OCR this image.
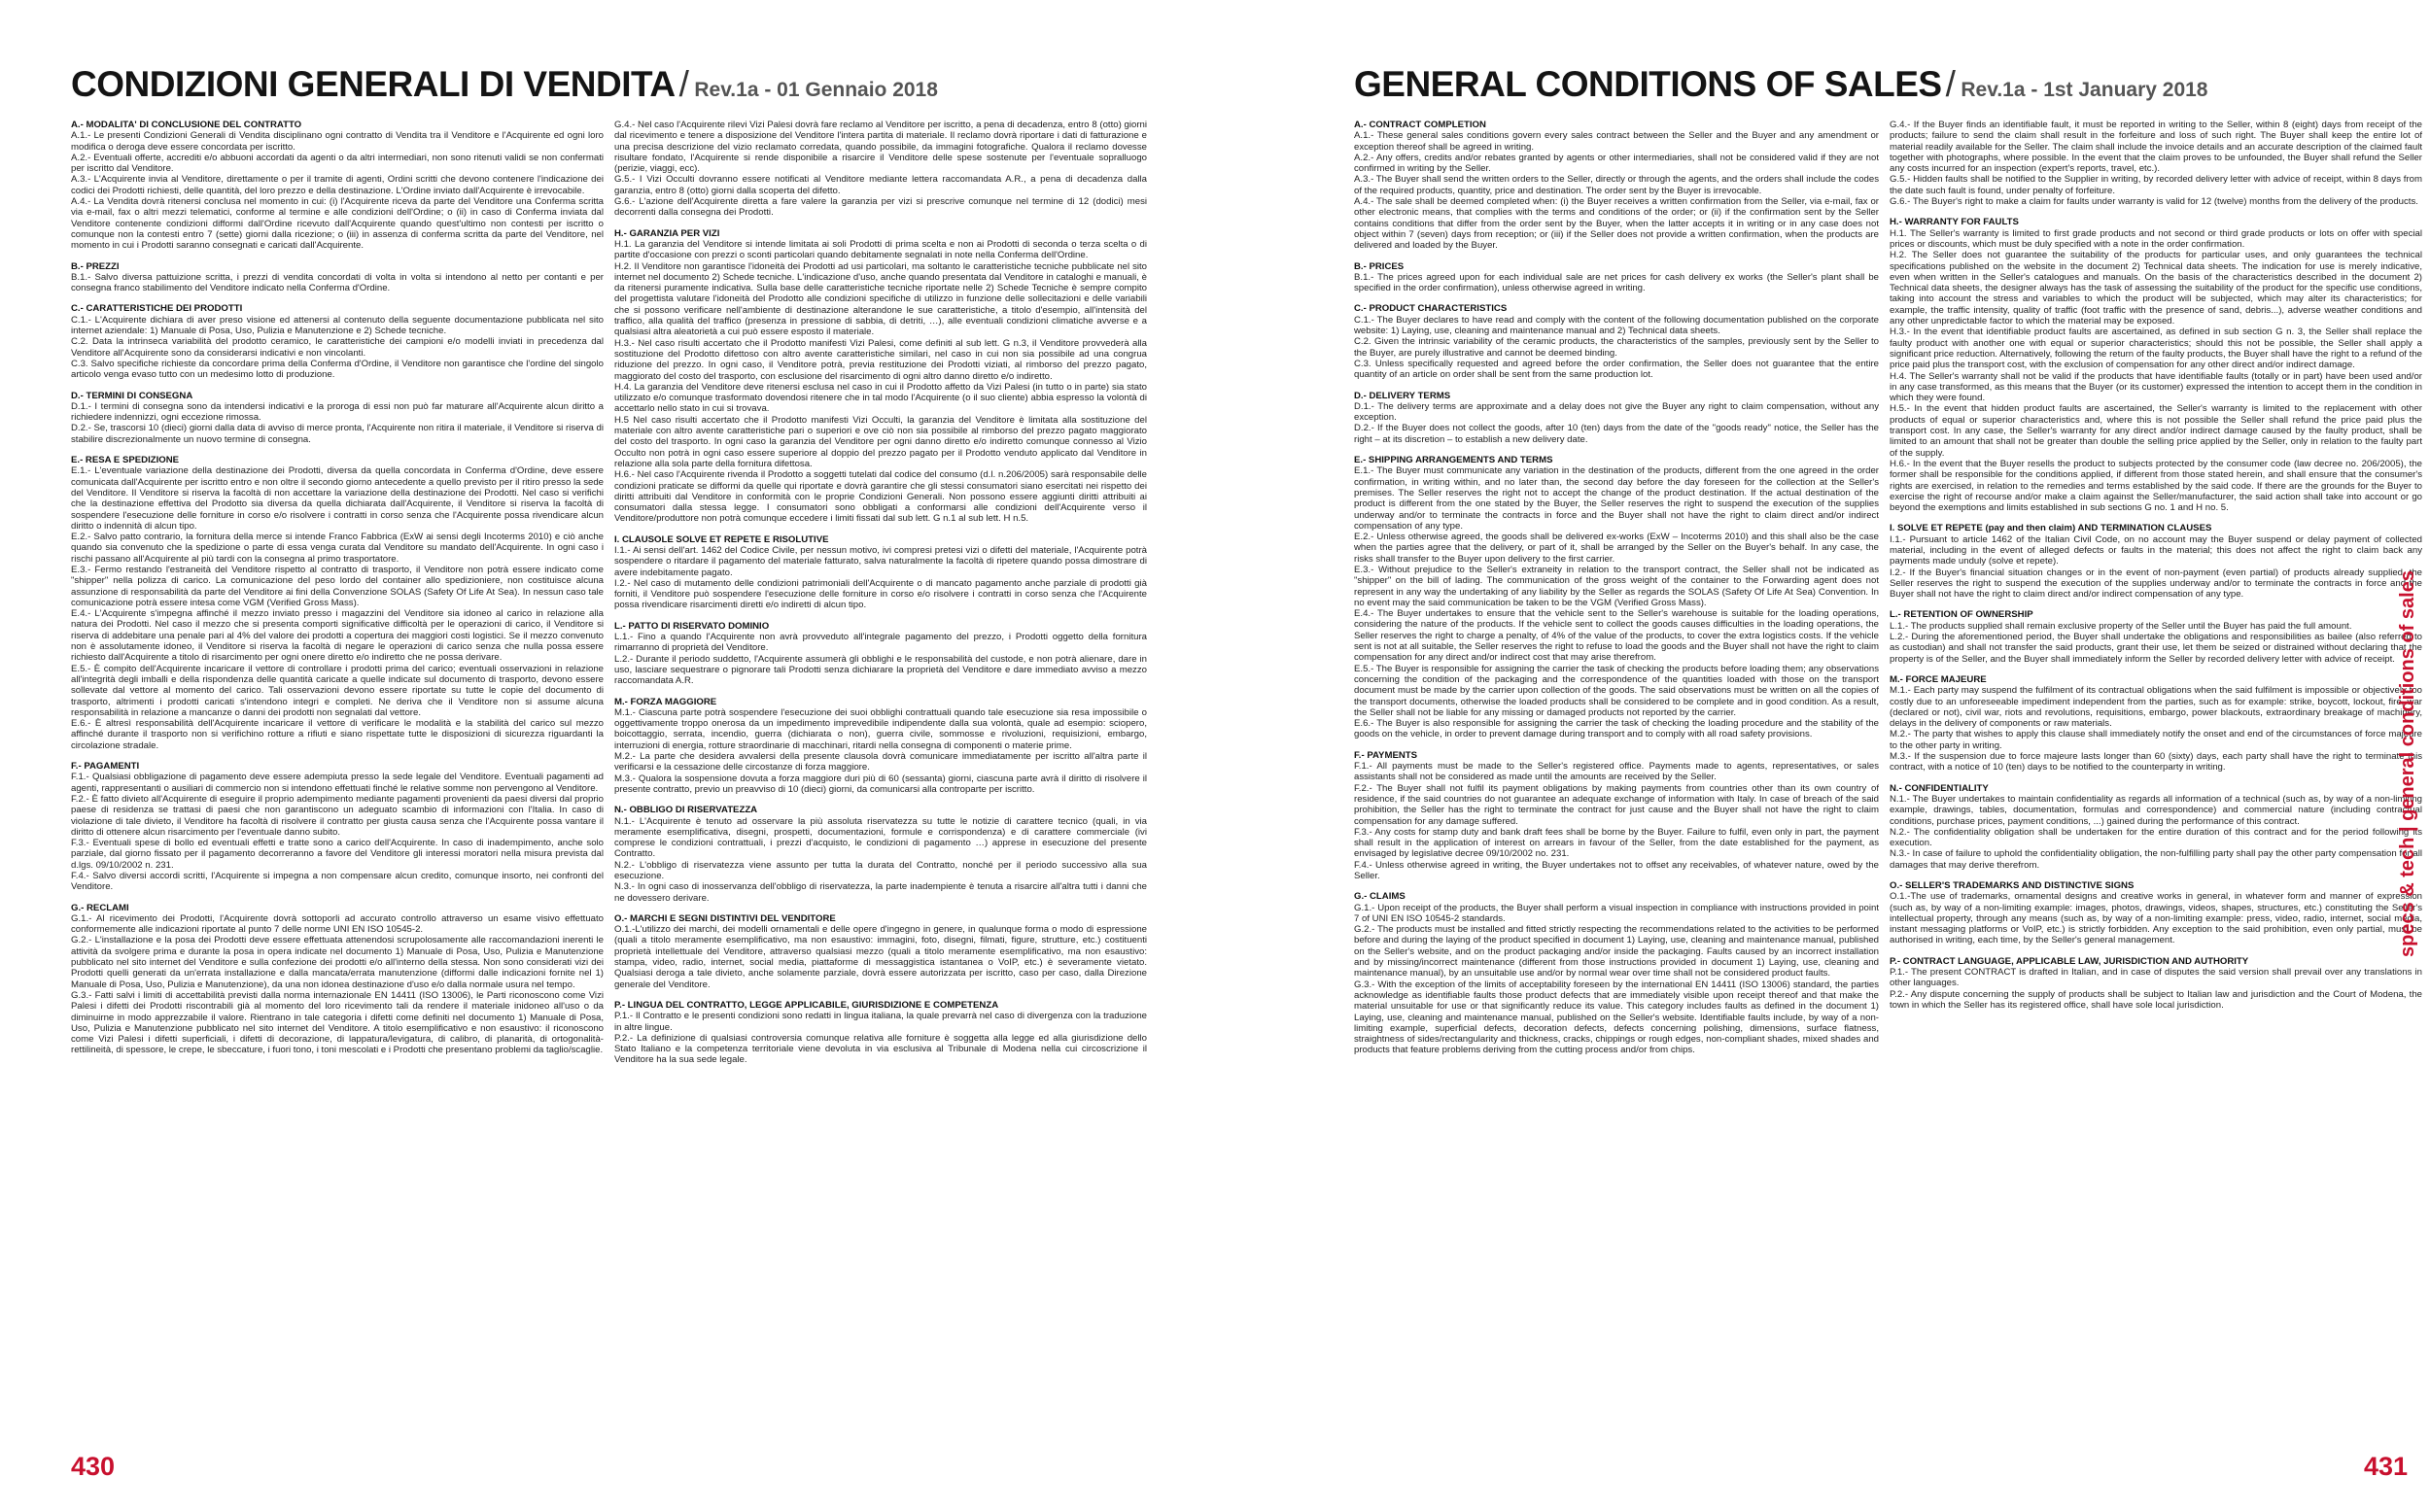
CONDIZIONI GENERALI DI VENDITA / Rev.1a - 01 Gennaio 2018
A.- MODALITA' DI CONCLUSIONE DEL CONTRATTO

A.1.- Le presenti Condizioni Generali di Vendita disciplinano ogni contratto di Vendita tra il Venditore e l'Acquirente ed ogni loro modifica o deroga deve essere concordata per iscritto.

A.2.- Eventuali offerte, accrediti e/o abbuoni accordati da agenti o da altri intermediari, non sono ritenuti validi se non confermati per iscritto dal Venditore.

A.3.- L'Acquirente invia al Venditore, direttamente o per il tramite di agenti, Ordini scritti che devono contenere l'indicazione dei codici dei Prodotti richiesti, delle quantità, del loro prezzo e della destinazione. L'Ordine inviato dall'Acquirente è irrevocabile.

A.4.- La Vendita dovrà ritenersi conclusa nel momento in cui: (i) l'Acquirente riceva da parte del Venditore una Conferma scritta via e-mail, fax o altri mezzi telematici, conforme al termine e alle condizioni dell'Ordine; o (ii) in caso di Conferma inviata dal Venditore contenente condizioni difformi dall'Ordine ricevuto dall'Acquirente quando quest'ultimo non contesti per iscritto o comunque non la contesti entro 7 (sette) giorni dalla ricezione; o (iii) in assenza di conferma scritta da parte del Venditore, nel momento in cui i Prodotti saranno consegnati e caricati dall'Acquirente.

B.- PREZZI

B.1.- Salvo diversa pattuizione scritta, i prezzi di vendita concordati di volta in volta si intendono al netto per contanti e per consegna franco stabilimento del Venditore indicato nella Conferma d'Ordine.

C.- CARATTERISTICHE DEI PRODOTTI

C.1.- L'Acquirente dichiara di aver preso visione ed attenersi al contenuto della seguente documentazione pubblicata nel sito internet aziendale: 1) Manuale di Posa, Uso, Pulizia e Manutenzione e 2) Schede tecniche.

C.2. Data la intrinseca variabilità del prodotto ceramico, le caratteristiche dei campioni e/o modelli inviati in precedenza dal Venditore all'Acquirente sono da considerarsi indicativi e non vincolanti.

C.3. Salvo specifiche richieste da concordare prima della Conferma d'Ordine, il Venditore non garantisce che l'ordine del singolo articolo venga evaso tutto con un medesimo lotto di produzione.

D.- TERMINI DI CONSEGNA

D.1.- I termini di consegna sono da intendersi indicativi e la proroga di essi non può far maturare all'Acquirente alcun diritto a richiedere indennizzi, ogni eccezione rimossa.

D.2.- Se, trascorsi 10 (dieci) giorni dalla data di avviso di merce pronta, l'Acquirente non ritira il materiale, il Venditore si riserva di stabilire discrezionalmente un nuovo termine di consegna.

E.- RESA E SPEDIZIONE

E.1.- L'eventuale variazione della destinazione dei Prodotti, diversa da quella concordata in Conferma d'Ordine, deve essere comunicata dall'Acquirente per iscritto entro e non oltre il secondo giorno antecedente a quello previsto per il ritiro presso la sede del Venditore. Il Venditore si riserva la facoltà di non accettare la variazione della destinazione dei Prodotti. Nel caso si verifichi che la destinazione effettiva del Prodotto sia diversa da quella dichiarata dall'Acquirente, il Venditore si riserva la facoltà di sospendere l'esecuzione delle forniture in corso e/o risolvere i contratti in corso senza che l'Acquirente possa rivendicare alcun diritto o indennità di alcun tipo.

E.2.- Salvo patto contrario, la fornitura della merce si intende Franco Fabbrica (ExW ai sensi degli Incoterms 2010) e ciò anche quando sia convenuto che la spedizione o parte di essa venga curata dal Venditore su mandato dell'Acquirente. In ogni caso i rischi passano all'Acquirente al più tardi con la consegna al primo trasportatore.

E.3.- Fermo restando l'estraneità del Venditore rispetto al contratto di trasporto, il Venditore non potrà essere indicato come "shipper" nella polizza di carico. La comunicazione del peso lordo del container allo spedizioniere, non costituisce alcuna assunzione di responsabilità da parte del Venditore ai fini della Convenzione SOLAS (Safety Of Life At Sea). In nessun caso tale comunicazione potrà essere intesa come VGM (Verified Gross Mass).

E.4.- L'Acquirente s'impegna affinché il mezzo inviato presso i magazzini del Venditore sia idoneo al carico in relazione alla natura dei Prodotti. Nel caso il mezzo che si presenta comporti significative difficoltà per le operazioni di carico, il Venditore si riserva di addebitare una penale pari al 4% del valore dei prodotti a copertura dei maggiori costi logistici. Se il mezzo convenuto non è assolutamente idoneo, il Venditore si riserva la facoltà di negare le operazioni di carico senza che nulla possa essere richiesto dall'Acquirente a titolo di risarcimento per ogni onere diretto e/o indiretto che ne possa derivare.

E.5.- È compito dell'Acquirente incaricare il vettore di controllare i prodotti prima del carico; eventuali osservazioni in relazione all'integrità degli imballi e della rispondenza delle quantità caricate a quelle indicate sul documento di trasporto, devono essere sollevate dal vettore al momento del carico. Tali osservazioni devono essere riportate su tutte le copie del documento di trasporto, altrimenti i prodotti caricati s'intendono integri e completi. Ne deriva che il Venditore non si assume alcuna responsabilità in relazione a mancanze o danni dei prodotti non segnalati dal vettore.

E.6.- È altresì responsabilità dell'Acquirente incaricare il vettore di verificare le modalità e la stabilità del carico sul mezzo affinché durante il trasporto non si verifichino rotture a rifiuti e siano rispettate tutte le disposizioni di sicurezza riguardanti la circolazione stradale.

F.- PAGAMENTI

F.1.- Qualsiasi obbligazione di pagamento deve essere adempiuta presso la sede legale del Venditore. Eventuali pagamenti ad agenti, rappresentanti o ausiliari di commercio non si intendono effettuati finché le relative somme non pervengono al Venditore.

F.2.- È fatto divieto all'Acquirente di eseguire il proprio adempimento mediante pagamenti provenienti da paesi diversi dal proprio paese di residenza se trattasi di paesi che non garantiscono un adeguato scambio di informazioni con l'Italia. In caso di violazione di tale divieto, il Venditore ha facoltà di risolvere il contratto per giusta causa senza che l'Acquirente possa vantare il diritto di ottenere alcun risarcimento per l'eventuale danno subito.

F.3.- Eventuali spese di bollo ed eventuali effetti e tratte sono a carico dell'Acquirente. In caso di inadempimento, anche solo parziale, dal giorno fissato per il pagamento decorreranno a favore del Venditore gli interessi moratori nella misura prevista dal d.lgs. 09/10/2002 n. 231.

F.4.- Salvo diversi accordi scritti, l'Acquirente si impegna a non compensare alcun credito, comunque insorto, nei confronti del Venditore.

G.- RECLAMI

G.1.- Al ricevimento dei Prodotti, l'Acquirente dovrà sottoporli ad accurato controllo attraverso un esame visivo effettuato conformemente alle indicazioni riportate al punto 7 delle norme UNI EN ISO 10545-2.

G.2.- L'installazione e la posa dei Prodotti deve essere effettuata attenendosi scrupolosamente alle raccomandazioni inerenti le attività da svolgere prima e durante la posa in opera indicate nel documento 1) Manuale di Posa, Uso, Pulizia e Manutenzione pubblicato nel sito internet del Venditore e sulla confezione dei prodotti e/o all'interno della stessa. Non sono considerati vizi dei Prodotti quelli generati da un'errata installazione e dalla mancata/errata manutenzione (difformi dalle indicazioni fornite nel 1) Manuale di Posa, Uso, Pulizia e Manutenzione), da una non idonea destinazione d'uso e/o dalla normale usura nel tempo.

G.3.- Fatti salvi i limiti di accettabilità previsti dalla norma internazionale EN 14411 (ISO 13006), le Parti riconoscono come Vizi Palesi i difetti dei Prodotti riscontrabili già al momento del loro ricevimento tali da rendere il materiale inidoneo all'uso o da diminuirne in modo apprezzabile il valore. Rientrano in tale categoria i difetti come definiti nel documento 1) Manuale di Posa, Uso, Pulizia e Manutenzione pubblicato nel sito internet del Venditore. A titolo esemplificativo e non esaustivo: il riconoscono come Vizi Palesi i difetti superficiali, i difetti di decorazione, di lappatura/levigatura, di calibro, di planarità, di ortogonalità-rettilineità, di spessore, le crepe, le sbeccature, i fuori tono, i toni mescolati e i Prodotti che presentano problemi da taglio/scaglie.

G.4.- Nel caso l'Acquirente rilevi Vizi Palesi dovrà fare reclamo al Venditore per iscritto, a pena di decadenza, entro 8 (otto) giorni dal ricevimento e tenere a disposizione del Venditore l'intera partita di materiale. Il reclamo dovrà riportare i dati di fatturazione e una precisa descrizione del vizio reclamato corredata, quando possibile, da immagini fotografiche. Qualora il reclamo dovesse risultare fondato, l'Acquirente si rende disponibile a risarcire il Venditore delle spese sostenute per l'eventuale sopralluogo (perizie, viaggi, ecc).

G.5.- I Vizi Occulti dovranno essere notificati al Venditore mediante lettera raccomandata A.R., a pena di decadenza dalla garanzia, entro 8 (otto) giorni dalla scoperta del difetto.

G.6.- L'azione dell'Acquirente diretta a fare valere la garanzia per vizi si prescrive comunque nel termine di 12 (dodici) mesi decorrenti dalla consegna dei Prodotti.

H.- GARANZIA PER VIZI

H.1. La garanzia del Venditore si intende limitata ai soli Prodotti di prima scelta e non ai Prodotti di seconda o terza scelta o di partite d'occasione con prezzi o sconti particolari quando debitamente segnalati in note nella Conferma dell'Ordine.

H.2. Il Venditore non garantisce l'idoneità dei Prodotti ad usi particolari, ma soltanto le caratteristiche tecniche pubblicate nel sito internet nel documento 2) Schede tecniche. L'indicazione d'uso, anche quando presentata dal Venditore in cataloghi e manuali, è da ritenersi puramente indicativa. Sulla base delle caratteristiche tecniche riportate nelle 2) Schede Tecniche è sempre compito del progettista valutare l'idoneità del Prodotto alle condizioni specifiche di utilizzo in funzione delle sollecitazioni e delle variabili che si possono verificare nell'ambiente di destinazione alterandone le sue caratteristiche, a titolo d'esempio, all'intensità del traffico, alla qualità del traffico (presenza in pressione di sabbia, di detriti, …), alle eventuali condizioni climatiche avverse e a qualsiasi altra aleatorietà a cui può essere esposto il materiale.

H.3.- Nel caso risulti accertato che il Prodotto manifesti Vizi Palesi, come definiti al sub lett. G n.3, il Venditore provvederà alla sostituzione del Prodotto difettoso con altro avente caratteristiche similari, nel caso in cui non sia possibile ad una congrua riduzione del prezzo. In ogni caso, il Venditore potrà, previa restituzione dei Prodotti viziati, al rimborso del prezzo pagato, maggiorato del costo del trasporto, con esclusione del risarcimento di ogni altro danno diretto e/o indiretto.

H.4. La garanzia del Venditore deve ritenersi esclusa nel caso in cui il Prodotto affetto da Vizi Palesi (in tutto o in parte) sia stato utilizzato e/o comunque trasformato dovendosi ritenere che in tal modo l'Acquirente (o il suo cliente) abbia espresso la volontà di accettarlo nello stato in cui si trovava.

H.5 Nel caso risulti accertato che il Prodotto manifesti Vizi Occulti, la garanzia del Venditore è limitata alla sostituzione del materiale con altro avente caratteristiche pari o superiori e ove ciò non sia possibile al rimborso del prezzo pagato maggiorato del costo del trasporto. In ogni caso la garanzia del Venditore per ogni danno diretto e/o indiretto comunque connesso al Vizio Occulto non potrà in ogni caso essere superiore al doppio del prezzo pagato per il Prodotto venduto applicato dal Venditore in relazione alla sola parte della fornitura difettosa.

H.6.- Nel caso l'Acquirente rivenda il Prodotto a soggetti tutelati dal codice del consumo (d.l. n.206/2005) sarà responsabile delle condizioni praticate se difformi da quelle qui riportate e dovrà garantire che gli stessi consumatori siano esercitati nei rispetto dei diritti attribuiti dal Venditore in conformità con le proprie Condizioni Generali. Non possono essere aggiunti diritti attribuiti ai consumatori dalla stessa legge. I consumatori sono obbligati a conformarsi alle condizioni dell'Acquirente verso il Venditore/produttore non potrà comunque eccedere i limiti fissati dal sub lett. G n.1 al sub lett. H n.5.

I. CLAUSOLE SOLVE ET REPETE E RISOLUTIVE

I.1.- Ai sensi dell'art. 1462 del Codice Civile, per nessun motivo, ivi compresi pretesi vizi o difetti del materiale, l'Acquirente potrà sospendere o ritardare il pagamento del materiale fatturato, salva naturalmente la facoltà di ripetere quando possa dimostrare di avere indebitamente pagato.

I.2.- Nel caso di mutamento delle condizioni patrimoniali dell'Acquirente o di mancato pagamento anche parziale di prodotti già forniti, il Venditore può sospendere l'esecuzione delle forniture in corso e/o risolvere i contratti in corso senza che l'Acquirente possa rivendicare risarcimenti diretti e/o indiretti di alcun tipo.

L.- PATTO DI RISERVATO DOMINIO

L.1.- Fino a quando l'Acquirente non avrà provveduto all'integrale pagamento del prezzo, i Prodotti oggetto della fornitura rimarranno di proprietà del Venditore.

L.2.- Durante il periodo suddetto, l'Acquirente assumerà gli obblighi e le responsabilità del custode, e non potrà alienare, dare in uso, lasciare sequestrare o pignorare tali Prodotti senza dichiarare la proprietà del Venditore e dare immediato avviso a mezzo raccomandata A.R.

M.- FORZA MAGGIORE

M.1.- Ciascuna parte potrà sospendere l'esecuzione dei suoi obblighi contrattuali quando tale esecuzione sia resa impossibile o oggettivamente troppo onerosa da un impedimento imprevedibile indipendente dalla sua volontà, quale ad esempio: sciopero, boicottaggio, serrata, incendio, guerra (dichiarata o non), guerra civile, sommosse e rivoluzioni, requisizioni, embargo, interruzioni di energia, rotture straordinarie di macchinari, ritardi nella consegna di componenti o materie prime.

M.2.- La parte che desidera avvalersi della presente clausola dovrà comunicare immediatamente per iscritto all'altra parte il verificarsi e la cessazione delle circostanze di forza maggiore.

M.3.- Qualora la sospensione dovuta a forza maggiore duri più di 60 (sessanta) giorni, ciascuna parte avrà il diritto di risolvere il presente contratto, previo un preavviso di 10 (dieci) giorni, da comunicarsi alla controparte per iscritto.

N.- OBBLIGO DI RISERVATEZZA

N.1.- L'Acquirente è tenuto ad osservare la più assoluta riservatezza su tutte le notizie di carattere tecnico (quali, in via meramente esemplificativa, disegni, prospetti, documentazioni, formule e corrispondenza) e di carattere commerciale (ivi comprese le condizioni contrattuali, i prezzi d'acquisto, le condizioni di pagamento …) apprese in esecuzione del presente Contratto.

N.2.- L'obbligo di riservatezza viene assunto per tutta la durata del Contratto, nonché per il periodo successivo alla sua esecuzione.

N.3.- In ogni caso di inosservanza dell'obbligo di riservatezza, la parte inadempiente è tenuta a risarcire all'altra tutti i danni che ne dovessero derivare.

O.- MARCHI E SEGNI DISTINTIVI DEL VENDITORE

O.1.-L'utilizzo dei marchi, dei modelli ornamentali e delle opere d'ingegno in genere, in qualunque forma o modo di espressione (quali a titolo meramente esemplificativo, ma non esaustivo: immagini, foto, disegni, filmati, figure, strutture, etc.) costituenti proprietà intellettuale del Venditore, attraverso qualsiasi mezzo (quali a titolo meramente esemplificativo, ma non esaustivo: stampa, video, radio, internet, social media, piattaforme di messaggistica istantanea o VoIP, etc.) è severamente vietato. Qualsiasi deroga a tale divieto, anche solamente parziale, dovrà essere autorizzata per iscritto, caso per caso, dalla Direzione generale del Venditore.

P.- LINGUA DEL CONTRATTO, LEGGE APPLICABILE, GIURISDIZIONE E COMPETENZA

P.1.- Il Contratto e le presenti condizioni sono redatti in lingua italiana, la quale prevarrà nel caso di divergenza con la traduzione in altre lingue.

P.2.- La definizione di qualsiasi controversia comunque relativa alle forniture è soggetta alla legge ed alla giurisdizione dello Stato Italiano e la competenza territoriale viene devoluta in via esclusiva al Tribunale di Modena nella cui circoscrizione il Venditore ha la sua sede legale.

430
GENERAL CONDITIONS OF SALES / Rev.1a - 1st January 2018
A.- CONTRACT COMPLETION

A.1.- These general sales conditions govern every sales contract between the Seller and the Buyer and any amendment or exception thereof shall be agreed in writing.

A.2.- Any offers, credits and/or rebates granted by agents or other intermediaries, shall not be considered valid if they are not confirmed in writing by the Seller.

A.3.- The Buyer shall send the written orders to the Seller, directly or through the agents, and the orders shall include the codes of the required products, quantity, price and destination. The order sent by the Buyer is irrevocable.

A.4.- The sale shall be deemed completed when: (i) the Buyer receives a written confirmation from the Seller, via e-mail, fax or other electronic means, that complies with the terms and conditions of the order; or (ii) if the confirmation sent by the Seller contains conditions that differ from the order sent by the Buyer, when the latter accepts it in writing or in any case does not object within 7 (seven) days from reception; or (iii) if the Seller does not provide a written confirmation, when the products are delivered and loaded by the Buyer.

B.- PRICES

B.1.- The prices agreed upon for each individual sale are net prices for cash delivery ex works (the Seller's plant shall be specified in the order confirmation), unless otherwise agreed in writing.

C.- PRODUCT CHARACTERISTICS

C.1.- The Buyer declares to have read and comply with the content of the following documentation published on the corporate website: 1) Laying, use, cleaning and maintenance manual and 2) Technical data sheets.

C.2. Given the intrinsic variability of the ceramic products, the characteristics of the samples, previously sent by the Seller to the Buyer, are purely illustrative and cannot be deemed binding.

C.3. Unless specifically requested and agreed before the order confirmation, the Seller does not guarantee that the entire quantity of an article on order shall be sent from the same production lot.

D.- DELIVERY TERMS

D.1.- The delivery terms are approximate and a delay does not give the Buyer any right to claim compensation, without any exception.

D.2.- If the Buyer does not collect the goods, after 10 (ten) days from the date of the "goods ready" notice, the Seller has the right – at its discretion – to establish a new delivery date.

E.- SHIPPING ARRANGEMENTS AND TERMS

E.1.- The Buyer must communicate any variation in the destination of the products, different from the one agreed in the order confirmation, in writing within, and no later than, the second day before the day foreseen for the collection at the Seller's premises. The Seller reserves the right not to accept the change of the product destination. If the actual destination of the product is different from the one stated by the Buyer, the Seller reserves the right to suspend the execution of the supplies underway and/or to terminate the contracts in force and the Buyer shall not have the right to claim direct and/or indirect compensation of any type.

E.2.- Unless otherwise agreed, the goods shall be delivered ex-works (ExW – Incoterms 2010) and this shall also be the case when the parties agree that the delivery, or part of it, shall be arranged by the Seller on the Buyer's behalf. In any case, the risks shall transfer to the Buyer upon delivery to the first carrier.

E.3.- Without prejudice to the Seller's extraneity in relation to the transport contract, the Seller shall not be indicated as "shipper" on the bill of lading. The communication of the gross weight of the container to the Forwarding agent does not represent in any way the undertaking of any liability by the Seller as regards the SOLAS (Safety Of Life At Sea) Convention. In no event may the said communication be taken to be the VGM (Verified Gross Mass).

E.4.- The Buyer undertakes to ensure that the vehicle sent to the Seller's warehouse is suitable for the loading operations, considering the nature of the products. If the vehicle sent to collect the goods causes difficulties in the loading operations, the Seller reserves the right to charge a penalty, of 4% of the value of the products, to cover the extra logistics costs. If the vehicle sent is not at all suitable, the Seller reserves the right to refuse to load the goods and the Buyer shall not have the right to claim compensation for any direct and/or indirect cost that may arise therefrom.

E.5.- The Buyer is responsible for assigning the carrier the task of checking the products before loading them; any observations concerning the condition of the packaging and the correspondence of the quantities loaded with those on the transport document must be made by the carrier upon collection of the goods. The said observations must be written on all the copies of the transport documents, otherwise the loaded products shall be considered to be complete and in good condition. As a result, the Seller shall not be liable for any missing or damaged products not reported by the carrier.

E.6.- The Buyer is also responsible for assigning the carrier the task of checking the loading procedure and the stability of the goods on the vehicle, in order to prevent damage during transport and to comply with all road safety provisions.

F.- PAYMENTS

F.1.- All payments must be made to the Seller's registered office. Payments made to agents, representatives, or sales assistants shall not be considered as made until the amounts are received by the Seller.

F.2.- The Buyer shall not fulfil its payment obligations by making payments from countries other than its own country of residence, if the said countries do not guarantee an adequate exchange of information with Italy. In case of breach of the said prohibition, the Seller has the right to terminate the contract for just cause and the Buyer shall not have the right to claim compensation for any damage suffered.

F.3.- Any costs for stamp duty and bank draft fees shall be borne by the Buyer. Failure to fulfil, even only in part, the payment shall result in the application of interest on arrears in favour of the Seller, from the date established for the payment, as envisaged by legislative decree 09/10/2002 no. 231.

F.4.- Unless otherwise agreed in writing, the Buyer undertakes not to offset any receivables, of whatever nature, owed by the Seller.

G.- CLAIMS

G.1.- Upon receipt of the products, the Buyer shall perform a visual inspection in compliance with instructions provided in point 7 of UNI EN ISO 10545-2 standards.

G.2.- The products must be installed and fitted strictly respecting the recommendations related to the activities to be performed before and during the laying of the product specified in document 1) Laying, use, cleaning and maintenance manual, published on the Seller's website, and on the product packaging and/or inside the packaging. Faults caused by an incorrect installation and by missing/incorrect maintenance (different from those instructions provided in document 1) Laying, use, cleaning and maintenance manual), by an unsuitable use and/or by normal wear over time shall not be considered product faults.

G.3.- With the exception of the limits of acceptability foreseen by the international EN 14411 (ISO 13006) standard, the parties acknowledge as identifiable faults those product defects that are immediately visible upon receipt thereof and that make the material unsuitable for use or that significantly reduce its value. This category includes faults as defined in the document 1) Laying, use, cleaning and maintenance manual, published on the Seller's website. Identifiable faults include, by way of a non-limiting example, superficial defects, decoration defects, defects concerning polishing, dimensions, surface flatness, straightness of sides/rectangularity and thickness, cracks, chippings or rough edges, non-compliant shades, mixed shades and products that feature problems deriving from the cutting process and/or from chips.

G.4.- If the Buyer finds an identifiable fault, it must be reported in writing to the Seller, within 8 (eight) days from receipt of the products; failure to send the claim shall result in the forfeiture and loss of such right. The Buyer shall keep the entire lot of material readily available for the Seller. The claim shall include the invoice details and an accurate description of the claimed fault together with photographs, where possible. In the event that the claim proves to be unfounded, the Buyer shall refund the Seller any costs incurred for an inspection (expert's reports, travel, etc.).

G.5.- Hidden faults shall be notified to the Supplier in writing, by recorded delivery letter with advice of receipt, within 8 days from the date such fault is found, under penalty of forfeiture.

G.6.- The Buyer's right to make a claim for faults under warranty is valid for 12 (twelve) months from the delivery of the products.

H.- WARRANTY FOR FAULTS

H.1. The Seller's warranty is limited to first grade products and not second or third grade products or lots on offer with special prices or discounts, which must be duly specified with a note in the order confirmation.

H.2. The Seller does not guarantee the suitability of the products for particular uses, and only guarantees the technical specifications published on the website in the document 2) Technical data sheets. The indication for use is merely indicative, even when written in the Seller's catalogues and manuals. On the basis of the characteristics described in the document 2) Technical data sheets, the designer always has the task of assessing the suitability of the product for the specific use conditions, taking into account the stress and variables to which the product will be subjected, which may alter its characteristics; for example, the traffic intensity, quality of traffic (foot traffic with the presence of sand, debris...), adverse weather conditions and any other unpredictable factor to which the material may be exposed.

H.3.- In the event that identifiable product faults are ascertained, as defined in sub section G n. 3, the Seller shall replace the faulty product with another one with equal or superior characteristics; should this not be possible, the Seller shall apply a significant price reduction. Alternatively, following the return of the faulty products, the Buyer shall have the right to a refund of the price paid plus the transport cost, with the exclusion of compensation for any other direct and/or indirect damage.

H.4. The Seller's warranty shall not be valid if the products that have identifiable faults (totally or in part) have been used and/or in any case transformed, as this means that the Buyer (or its customer) expressed the intention to accept them in the condition in which they were found.

H.5.- In the event that hidden product faults are ascertained, the Seller's warranty is limited to the replacement with other products of equal or superior characteristics and, where this is not possible the Seller shall refund the price paid plus the transport cost. In any case, the Seller's warranty for any direct and/or indirect damage caused by the faulty product, shall be limited to an amount that shall not be greater than double the selling price applied by the Seller, only in relation to the faulty part of the supply.

H.6.- In the event that the Buyer resells the product to subjects protected by the consumer code (law decree no. 206/2005), the former shall be responsible for the conditions applied, if different from those stated herein, and shall ensure that the consumer's rights are exercised, in relation to the remedies and terms established by the said code. If there are the grounds for the Buyer to exercise the right of recourse and/or make a claim against the Seller/manufacturer, the said action shall take into account or go beyond the exemptions and limits established in sub sections G no. 1 and H no. 5.

I. SOLVE ET REPETE (pay and then claim) AND TERMINATION CLAUSES

I.1.- Pursuant to article 1462 of the Italian Civil Code, on no account may the Buyer suspend or delay payment of collected material, including in the event of alleged defects or faults in the material; this does not affect the right to claim back any payments made unduly (solve et repete).

I.2.- If the Buyer's financial situation changes or in the event of non-payment (even partial) of products already supplied, the Seller reserves the right to suspend the execution of the supplies underway and/or to terminate the contracts in force and the Buyer shall not have the right to claim direct and/or indirect compensation of any type.

L.- RETENTION OF OWNERSHIP

L.1.- The products supplied shall remain exclusive property of the Seller until the Buyer has paid the full amount.

L.2.- During the aforementioned period, the Buyer shall undertake the obligations and responsibilities as bailee (also referred to as custodian) and shall not transfer the said products, grant their use, let them be seized or distrained without declaring that the property is of the Seller, and the Buyer shall immediately inform the Seller by recorded delivery letter with advice of receipt.

M.- FORCE MAJEURE

M.1.- Each party may suspend the fulfilment of its contractual obligations when the said fulfilment is impossible or objectively too costly due to an unforeseeable impediment independent from the parties, such as for example: strike, boycott, lockout, fire, war (declared or not), civil war, riots and revolutions, requisitions, embargo, power blackouts, extraordinary breakage of machinery, delays in the delivery of components or raw materials.

M.2.- The party that wishes to apply this clause shall immediately notify the onset and end of the circumstances of force majeure to the other party in writing.

M.3.- If the suspension due to force majeure lasts longer than 60 (sixty) days, each party shall have the right to terminate this contract, with a notice of 10 (ten) days to be notified to the counterparty in writing.

N.- CONFIDENTIALITY

N.1.- The Buyer undertakes to maintain confidentiality as regards all information of a technical (such as, by way of a non-limiting example, drawings, tables, documentation, formulas and correspondence) and commercial nature (including contractual conditions, purchase prices, payment conditions, ...) gained during the performance of this contract.

N.2.- The confidentiality obligation shall be undertaken for the entire duration of this contract and for the period following its execution.

N.3.- In case of failure to uphold the confidentiality obligation, the non-fulfilling party shall pay the other party compensation for all damages that may derive therefrom.

O.- SELLER'S TRADEMARKS AND DISTINCTIVE SIGNS

O.1.-The use of trademarks, ornamental designs and creative works in general, in whatever form and manner of expression (such as, by way of a non-limiting example: images, photos, drawings, videos, shapes, structures, etc.) constituting the Seller's intellectual property, through any means (such as, by way of a non-limiting example: press, video, radio, internet, social media, instant messaging platforms or VoIP, etc.) is strictly forbidden. Any exception to the said prohibition, even only partial, must be authorised in writing, each time, by the Seller's general management.

P.- CONTRACT LANGUAGE, APPLICABLE LAW, JURISDICTION AND AUTHORITY

P.1.- The present CONTRACT is drafted in Italian, and in case of disputes the said version shall prevail over any translations in other languages.

P.2.- Any dispute concerning the supply of products shall be subject to Italian law and jurisdiction and the Court of Modena, the town in which the Seller has its registered office, shall have sole local jurisdiction.

431
specs & tech | general conditions of sales
